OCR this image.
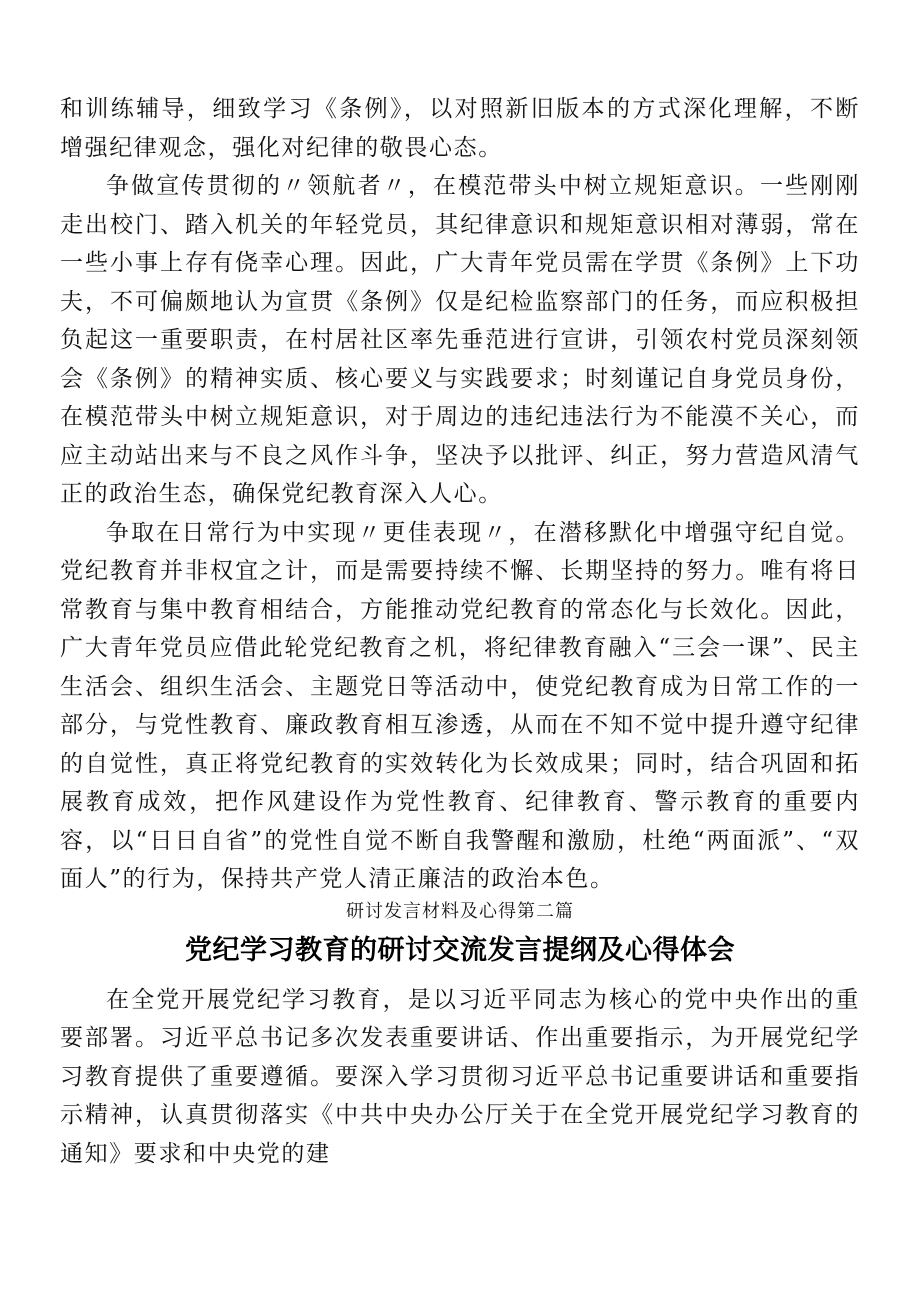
和训练辅导，细致学习《条例》，以对照新旧版本的方式深化理解，不断增强纪律观念，强化对纪律的敬畏心态。

争做宣传贯彻的〃领航者〃，在模范带头中树立规矩意识。一些刚刚走出校门、踏入机关的年轻党员，其纪律意识和规矩意识相对薄弱，常在一些小事上存有侥幸心理。因此，广大青年党员需在学贯《条例》上下功夫，不可偏颇地认为宣贯《条例》仅是纪检监察部门的任务，而应积极担负起这一重要职责，在村居社区率先垂范进行宣讲，引领农村党员深刻领会《条例》的精神实质、核心要义与实践要求；时刻谨记自身党员身份，在模范带头中树立规矩意识，对于周边的违纪违法行为不能漠不关心，而应主动站出来与不良之风作斗争，坚决予以批评、纠正，努力营造风清气正的政治生态，确保党纪教育深入人心。

争取在日常行为中实现〃更佳表现〃，在潜移默化中增强守纪自觉。党纪教育并非权宜之计，而是需要持续不懈、长期坚持的努力。唯有将日常教育与集中教育相结合，方能推动党纪教育的常态化与长效化。因此，广大青年党员应借此轮党纪教育之机，将纪律教育融入“三会一课”、民主生活会、组织生活会、主题党日等活动中，使党纪教育成为日常工作的一部分，与党性教育、廉政教育相互渗透，从而在不知不觉中提升遵守纪律的自觉性，真正将党纪教育的实效转化为长效成果；同时，结合巩固和拓展教育成效，把作风建设作为党性教育、纪律教育、警示教育的重要内容，以“日日自省”的党性自觉不断自我警醒和激励，杜绝“两面派”、“双面人”的行为，保持共产党人清正廉洁的政治本色。

研讨发言材料及心得第二篇

党纪学习教育的研讨交流发言提纲及心得体会

在全党开展党纪学习教育，是以习近平同志为核心的党中央作出的重要部署。习近平总书记多次发表重要讲话、作出重要指示，为开展党纪学习教育提供了重要遵循。要深入学习贯彻习近平总书记重要讲话和重要指示精神，认真贯彻落实《中共中央办公厅关于在全党开展党纪学习教育的通知》要求和中央党的建
